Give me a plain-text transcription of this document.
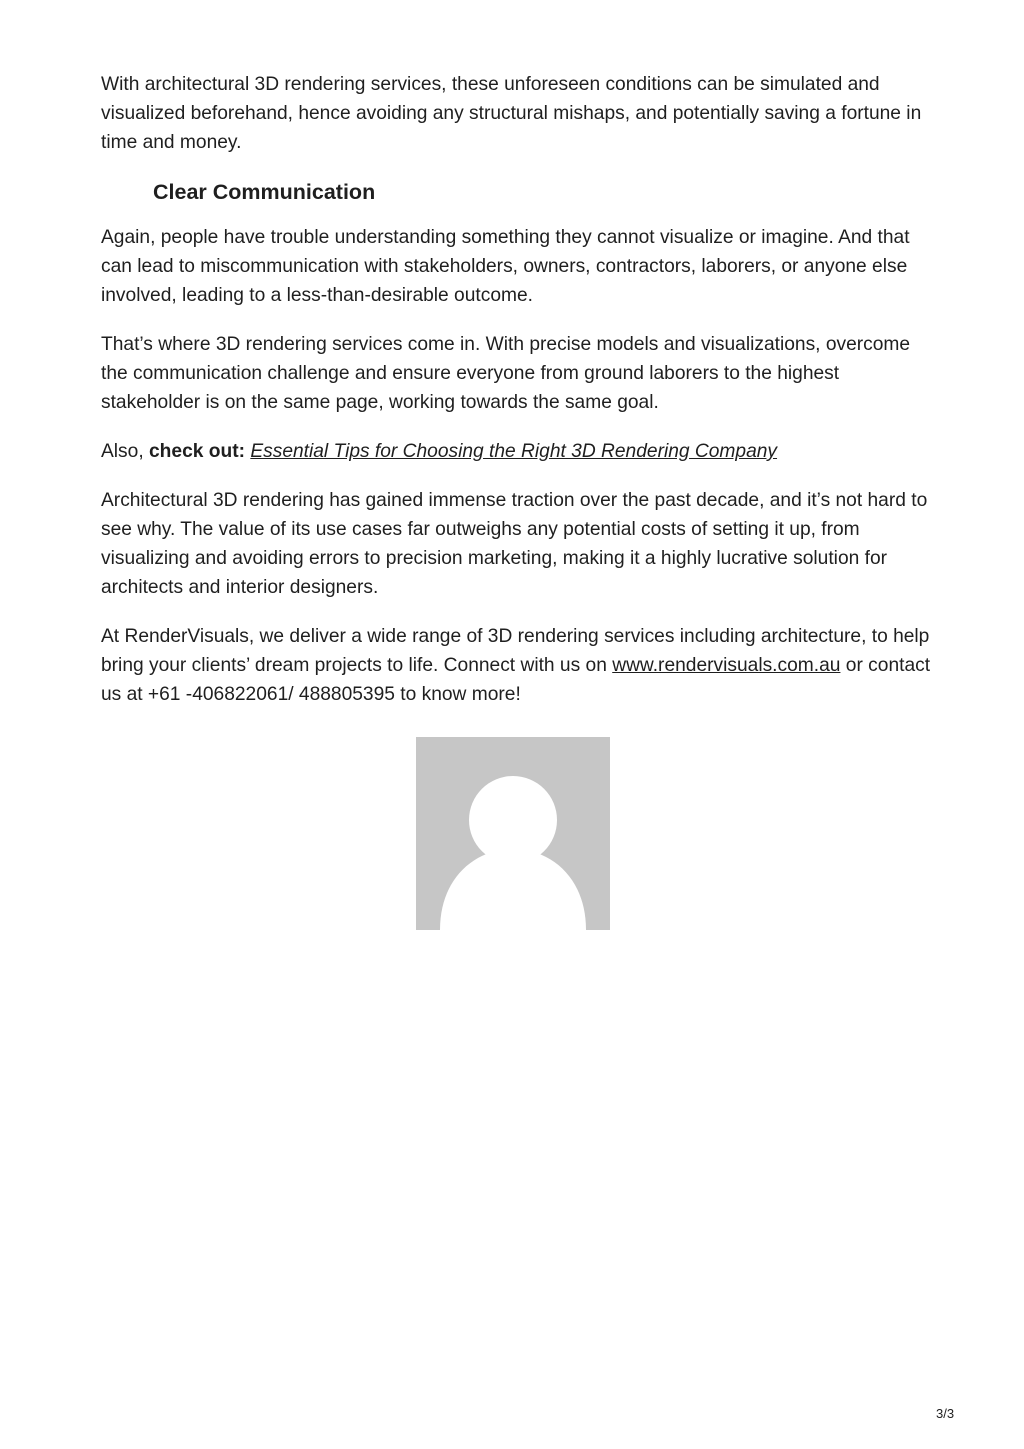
With architectural 3D rendering services, these unforeseen conditions can be simulated and visualized beforehand, hence avoiding any structural mishaps, and potentially saving a fortune in time and money.

Clear Communication

Again, people have trouble understanding something they cannot visualize or imagine. And that can lead to miscommunication with stakeholders, owners, contractors, laborers, or anyone else involved, leading to a less-than-desirable outcome.

That’s where 3D rendering services come in. With precise models and visualizations, overcome the communication challenge and ensure everyone from ground laborers to the highest stakeholder is on the same page, working towards the same goal.

Also, check out: Essential Tips for Choosing the Right 3D Rendering Company

Architectural 3D rendering has gained immense traction over the past decade, and it’s not hard to see why. The value of its use cases far outweighs any potential costs of setting it up, from visualizing and avoiding errors to precision marketing, making it a highly lucrative solution for architects and interior designers.

At RenderVisuals, we deliver a wide range of 3D rendering services including architecture, to help bring your clients’ dream projects to life. Connect with us on www.rendervisuals.com.au or contact us at +61 -406822061/ 488805395 to know more!

3/3
